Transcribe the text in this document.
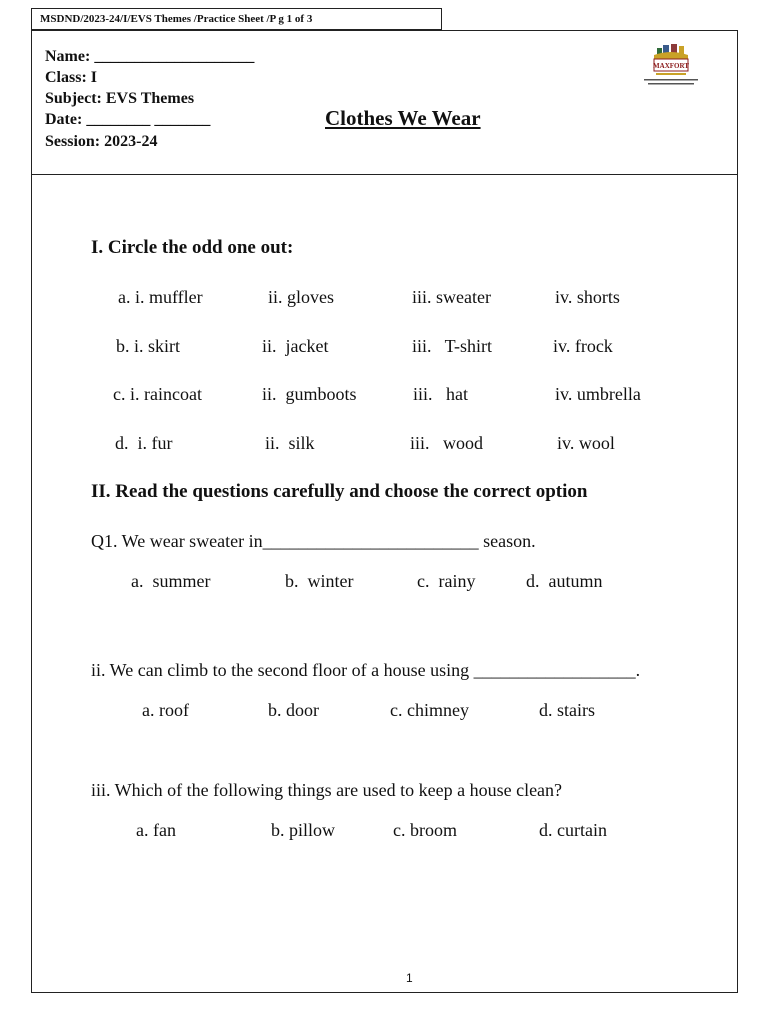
MSDND/2023-24/I/EVS Themes /Practice Sheet /P g 1 of 3
Name: ____________________
Class: I
Subject: EVS Themes
Date: ________ _______
Session: 2023-24
Clothes We Wear
MAXFORT
I. Circle the odd one out:
a. i. muffler	ii. gloves	iii. sweater	iv. shorts
b. i. skirt	ii.  jacket	iii.   T-shirt	iv. frock
c. i. raincoat	ii.  gumboots	iii.   hat	iv. umbrella
d.  i. fur	ii.  silk	iii.   wood	iv. wool
II. Read the questions carefully and choose the correct option
Q1. We wear sweater in________________________ season.
a.  summer	b.  winter	c.  rainy	d.  autumn
ii. We can climb to the second floor of a house using __________________.
a. roof	b. door	c. chimney	d. stairs
iii. Which of the following things are used to keep a house clean?
a. fan	b. pillow	c. broom	d. curtain
1
